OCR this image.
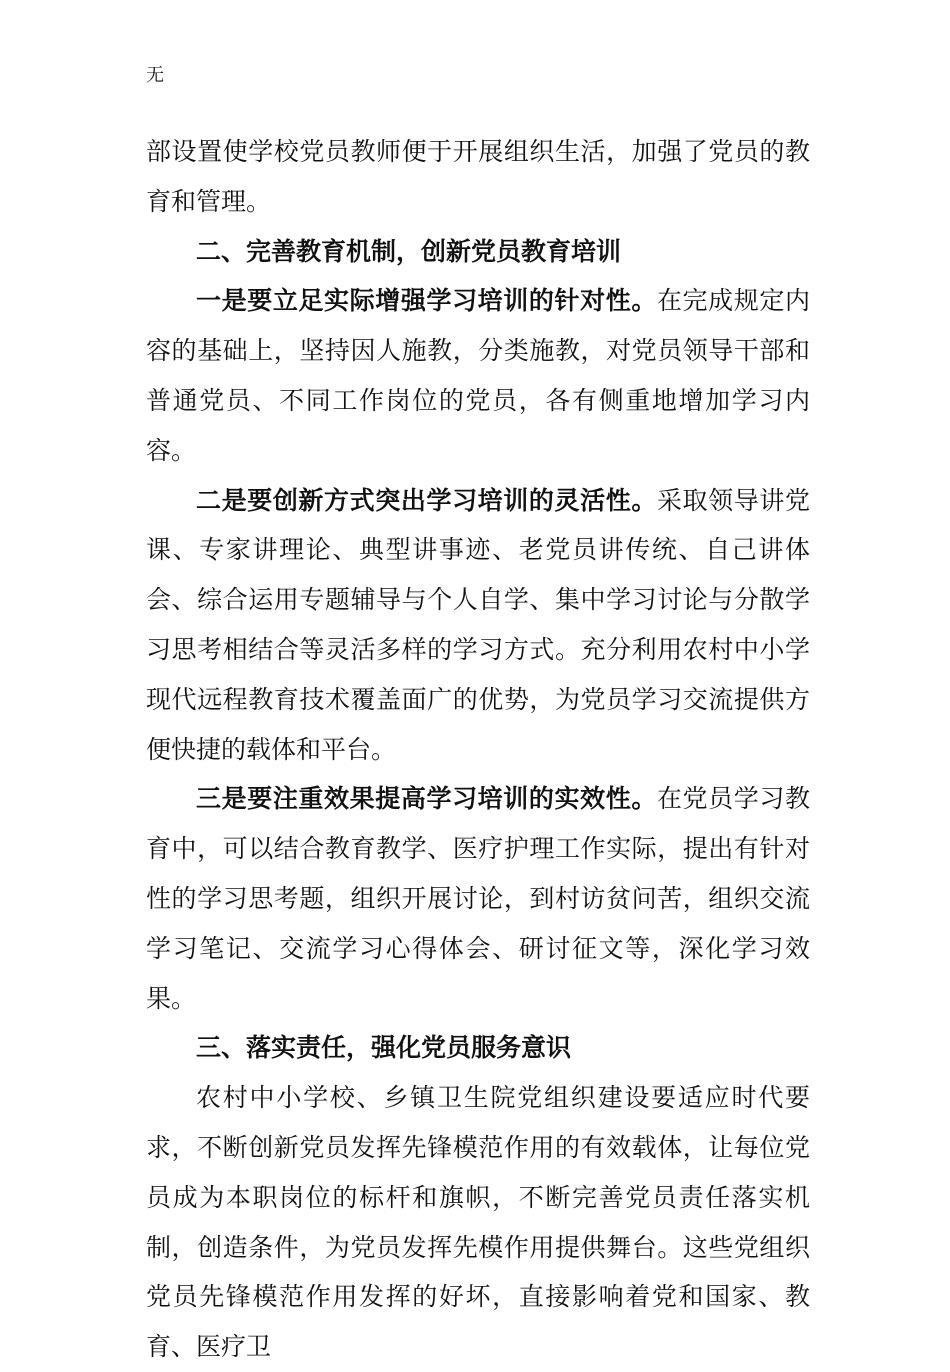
无

部设置使学校党员教师便于开展组织生活，加强了党员的教育和管理。

二、完善教育机制，创新党员教育培训

一是要立足实际增强学习培训的针对性。在完成规定内容的基础上，坚持因人施教，分类施教，对党员领导干部和普通党员、不同工作岗位的党员，各有侧重地增加学习内容。

二是要创新方式突出学习培训的灵活性。采取领导讲党课、专家讲理论、典型讲事迹、老党员讲传统、自己讲体会、综合运用专题辅导与个人自学、集中学习讨论与分散学习思考相结合等灵活多样的学习方式。充分利用农村中小学现代远程教育技术覆盖面广的优势，为党员学习交流提供方便快捷的载体和平台。

三是要注重效果提高学习培训的实效性。在党员学习教育中，可以结合教育教学、医疗护理工作实际，提出有针对性的学习思考题，组织开展讨论，到村访贫问苦，组织交流学习笔记、交流学习心得体会、研讨征文等，深化学习效果。

三、落实责任，强化党员服务意识

农村中小学校、乡镇卫生院党组织建设要适应时代要求，不断创新党员发挥先锋模范作用的有效载体，让每位党员成为本职岗位的标杆和旗帜，不断完善党员责任落实机制，创造条件，为党员发挥先模作用提供舞台。这些党组织党员先锋模范作用发挥的好坏，直接影响着党和国家、教育、医疗卫
